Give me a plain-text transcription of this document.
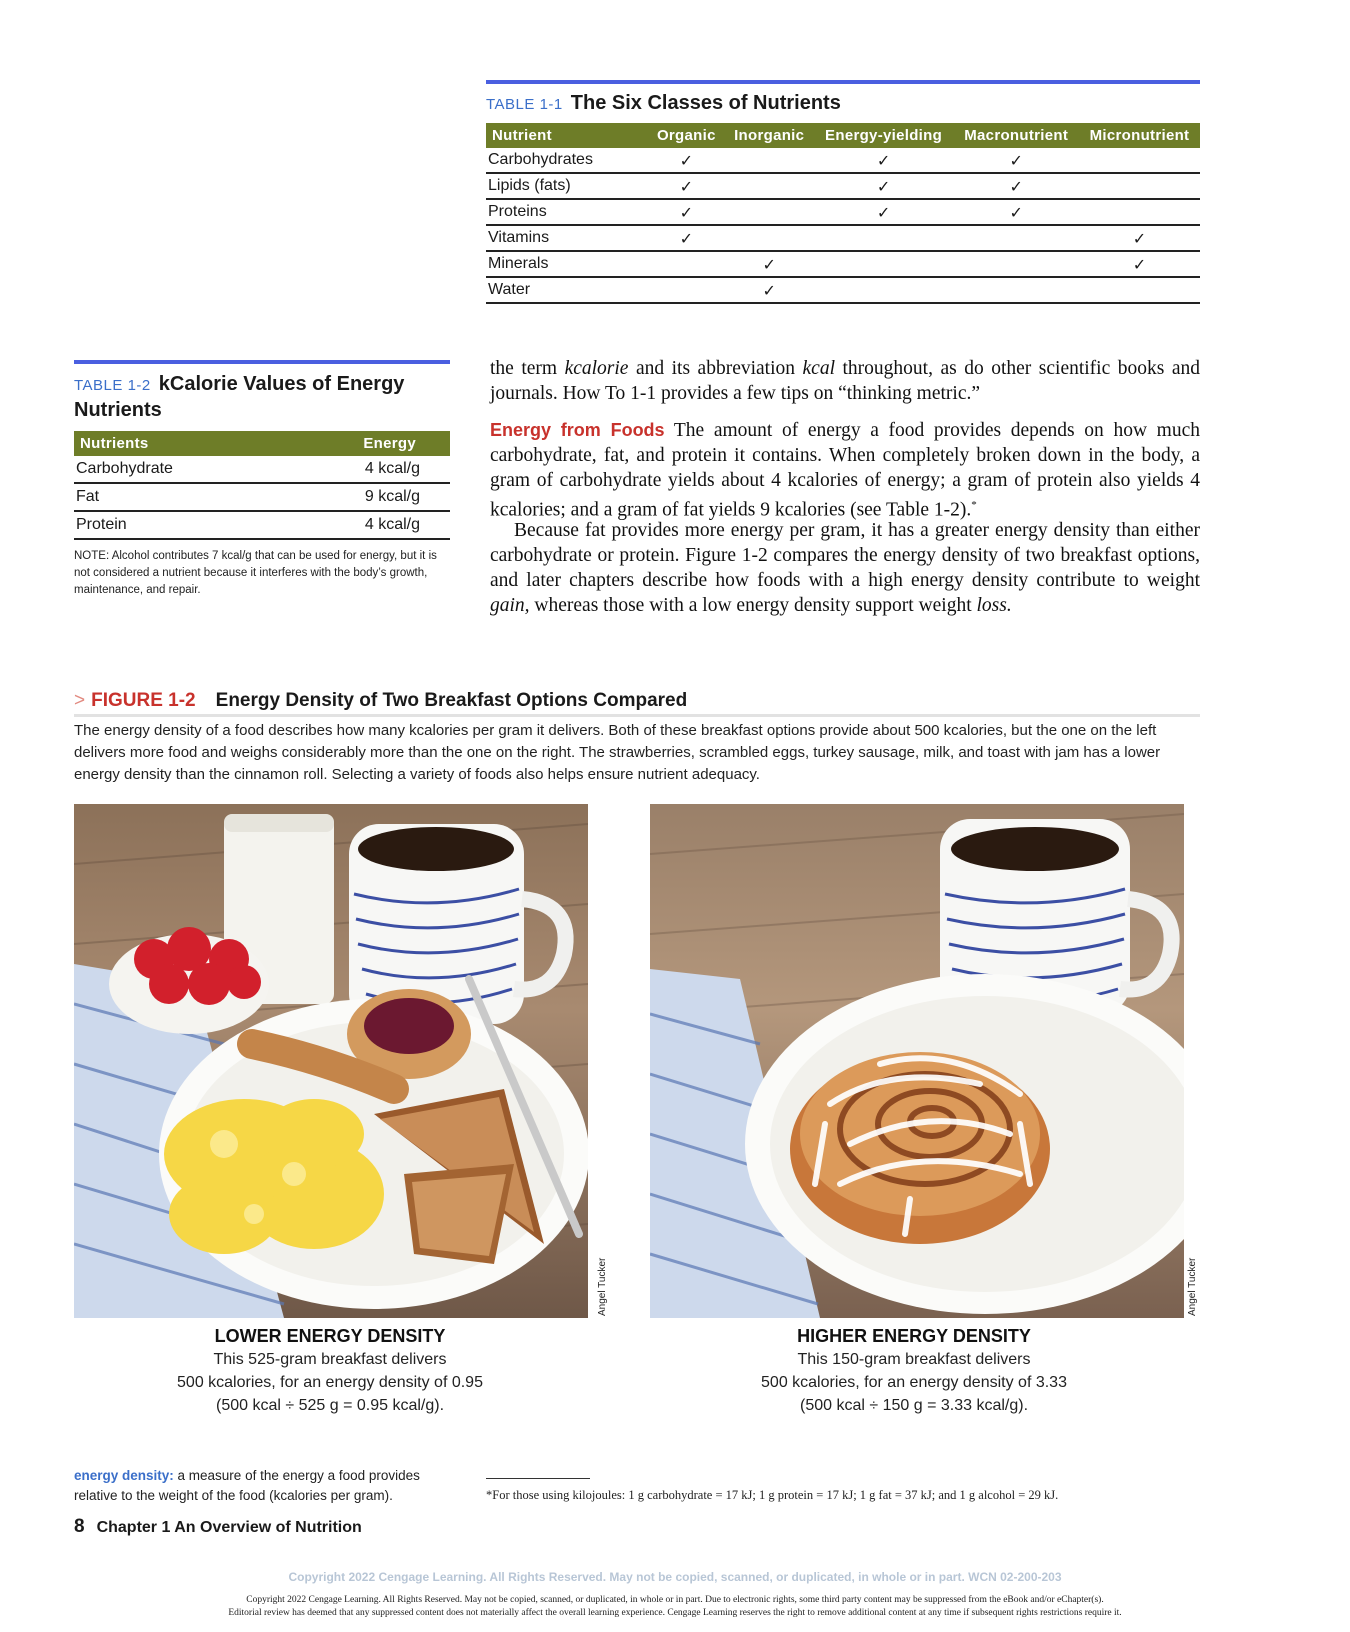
TABLE 1-1 The Six Classes of Nutrients
Nutrient	Organic	Inorganic	Energy-yielding	Macronutrient	Micronutrient
Carbohydrates	✓		✓	✓	
Lipids (fats)	✓		✓	✓	
Proteins	✓		✓	✓	
Vitamins	✓				✓
Minerals		✓			✓
Water		✓			
TABLE 1-2 kCalorie Values of Energy
Nutrients
Nutrients	Energy
Carbohydrate	4 kcal/g
Fat	9 kcal/g
Protein	4 kcal/g
NOTE: Alcohol contributes 7 kcal/g that can be used for energy, but it is not considered a nutrient because it interferes with the body’s growth, maintenance, and repair.
the term kcalorie and its abbreviation kcal throughout, as do other scientific books and journals. How To 1-1 provides a few tips on “thinking metric.”
Energy from Foods The amount of energy a food provides depends on how much carbohydrate, fat, and protein it contains. When completely broken down in the body, a gram of carbohydrate yields about 4 kcalories of energy; a gram of protein also yields 4 kcalories; and a gram of fat yields 9 kcalories (see Table 1-2).*
Because fat provides more energy per gram, it has a greater energy density than either carbohydrate or protein. Figure 1-2 compares the energy density of two breakfast options, and later chapters describe how foods with a high energy density contribute to weight gain, whereas those with a low energy density support weight loss.
> FIGURE 1-2 Energy Density of Two Breakfast Options Compared
The energy density of a food describes how many kcalories per gram it delivers. Both of these breakfast options provide about 500 kcalories, but the one on the left delivers more food and weighs considerably more than the one on the right. The strawberries, scrambled eggs, turkey sausage, milk, and toast with jam has a lower energy density than the cinnamon roll. Selecting a variety of foods also helps ensure nutrient adequacy.
Angel Tucker	Angel Tucker
LOWER ENERGY DENSITY
This 525-gram breakfast delivers
500 kcalories, for an energy density of 0.95
(500 kcal ÷ 525 g = 0.95 kcal/g).
HIGHER ENERGY DENSITY
This 150-gram breakfast delivers
500 kcalories, for an energy density of 3.33
(500 kcal ÷ 150 g = 3.33 kcal/g).
energy density: a measure of the energy a food provides relative to the weight of the food (kcalories per gram).	*For those using kilojoules: 1 g carbohydrate = 17 kJ; 1 g protein = 17 kJ; 1 g fat = 37 kJ; and 1 g alcohol = 29 kJ.
8 Chapter 1 An Overview of Nutrition
Copyright 2022 Cengage Learning. All Rights Reserved. May not be copied, scanned, or duplicated, in whole or in part. WCN 02-200-203
Copyright 2022 Cengage Learning. All Rights Reserved. May not be copied, scanned, or duplicated, in whole or in part. Due to electronic rights, some third party content may be suppressed from the eBook and/or eChapter(s).
Editorial review has deemed that any suppressed content does not materially affect the overall learning experience. Cengage Learning reserves the right to remove additional content at any time if subsequent rights restrictions require it.
